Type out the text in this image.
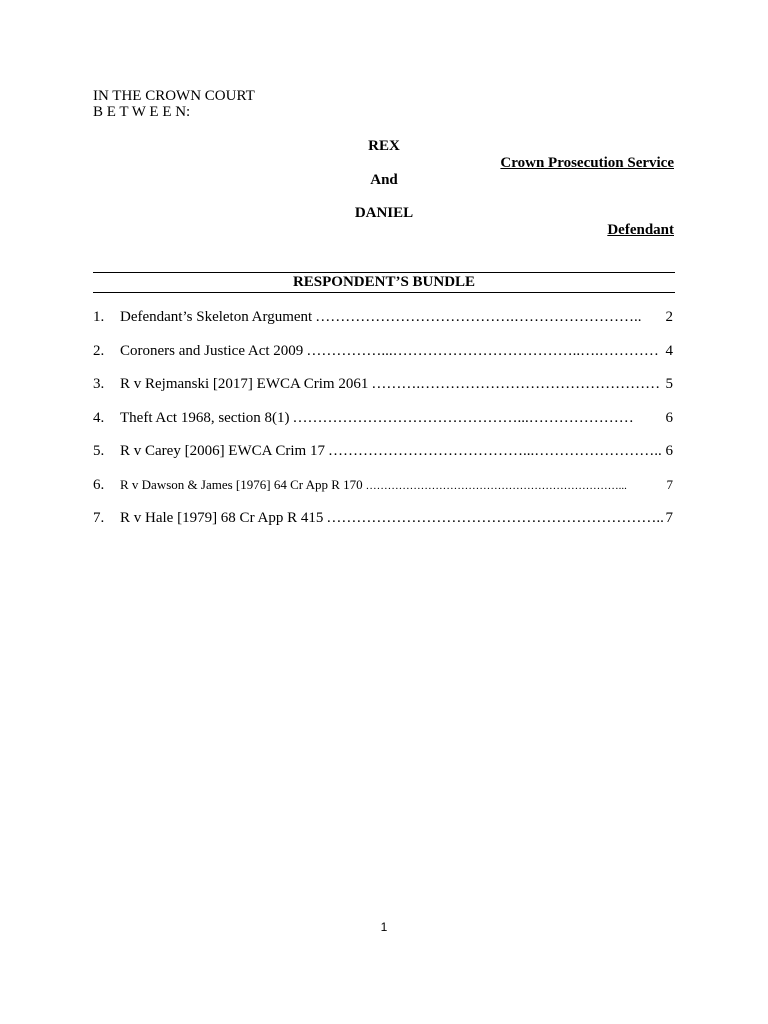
IN THE CROWN COURT
B E T W E E N:
REX
Crown Prosecution Service
And
DANIEL
Defendant
RESPONDENT’S BUNDLE
1.	Defendant’s Skeleton Argument ………………………………….……………………..	2
2.	Coroners and Justice Act 2009 ……………...………………………………..….………… 4
3.	R v Rejmanski [2017] EWCA Crim 2061 ……….………………………………………… 5
4.	Theft Act 1968, section 8(1) ………………………………………...…………………	6
5.	R v Carey [2006] EWCA Crim 17 …………………………………...…………………….. 6
6.	R v Dawson & James [1976] 64 Cr App R 170 ……………………………………………………………...	7
7.	R v Hale [1979] 68 Cr App R 415 ………………………………………………………….. 7
1
